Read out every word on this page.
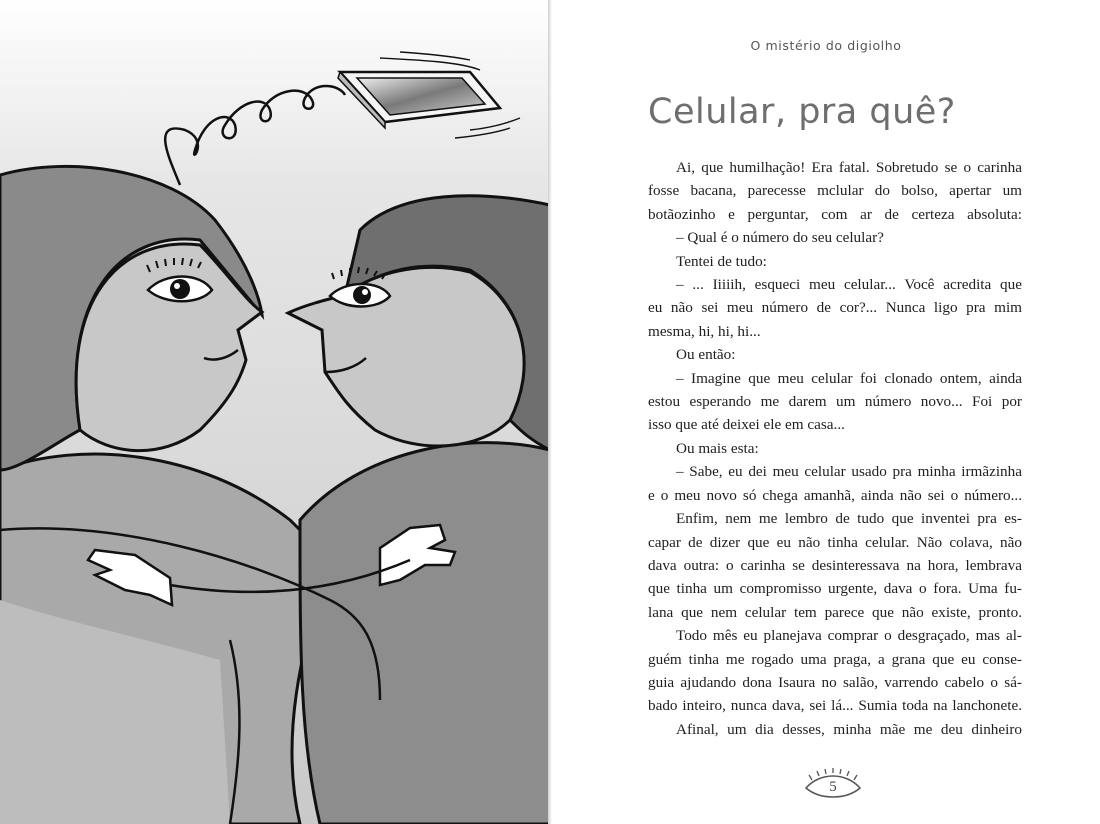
O mistério do digiolho
Celular, pra quê?

Ai, que humilhação! Era fatal. Sobretudo se o carinha

fosse bacana, parecesse mclular do bolso, apertar um

botãozinho e perguntar, com ar de certeza absoluta:

– Qual é o número do seu celular?

Tentei de tudo:

– ... Iiiiih, esqueci meu celular... Você acredita que

eu não sei meu número de cor?... Nunca ligo pra mim

mesma, hi, hi, hi...

Ou então:

– Imagine que meu celular foi clonado ontem, ainda

estou esperando me darem um número novo... Foi por

isso que até deixei ele em casa...

Ou mais esta:

– Sabe, eu dei meu celular usado pra minha irmãzinha

e o meu novo só chega amanhã, ainda não sei o número...

Enfim, nem me lembro de tudo que inventei pra es-

capar de dizer que eu não tinha celular. Não colava, não

dava outra: o carinha se desinteressava na hora, lembrava

que tinha um compromisso urgente, dava o fora. Uma fu-

lana que nem celular tem parece que não existe, pronto.

Todo mês eu planejava comprar o desgraçado, mas al-

guém tinha me rogado uma praga, a grana que eu conse-

guia ajudando dona Isaura no salão, varrendo cabelo o sá-

bado inteiro, nunca dava, sei lá... Sumia toda na lanchonete.

Afinal, um dia desses, minha mãe me deu dinheiro

5
